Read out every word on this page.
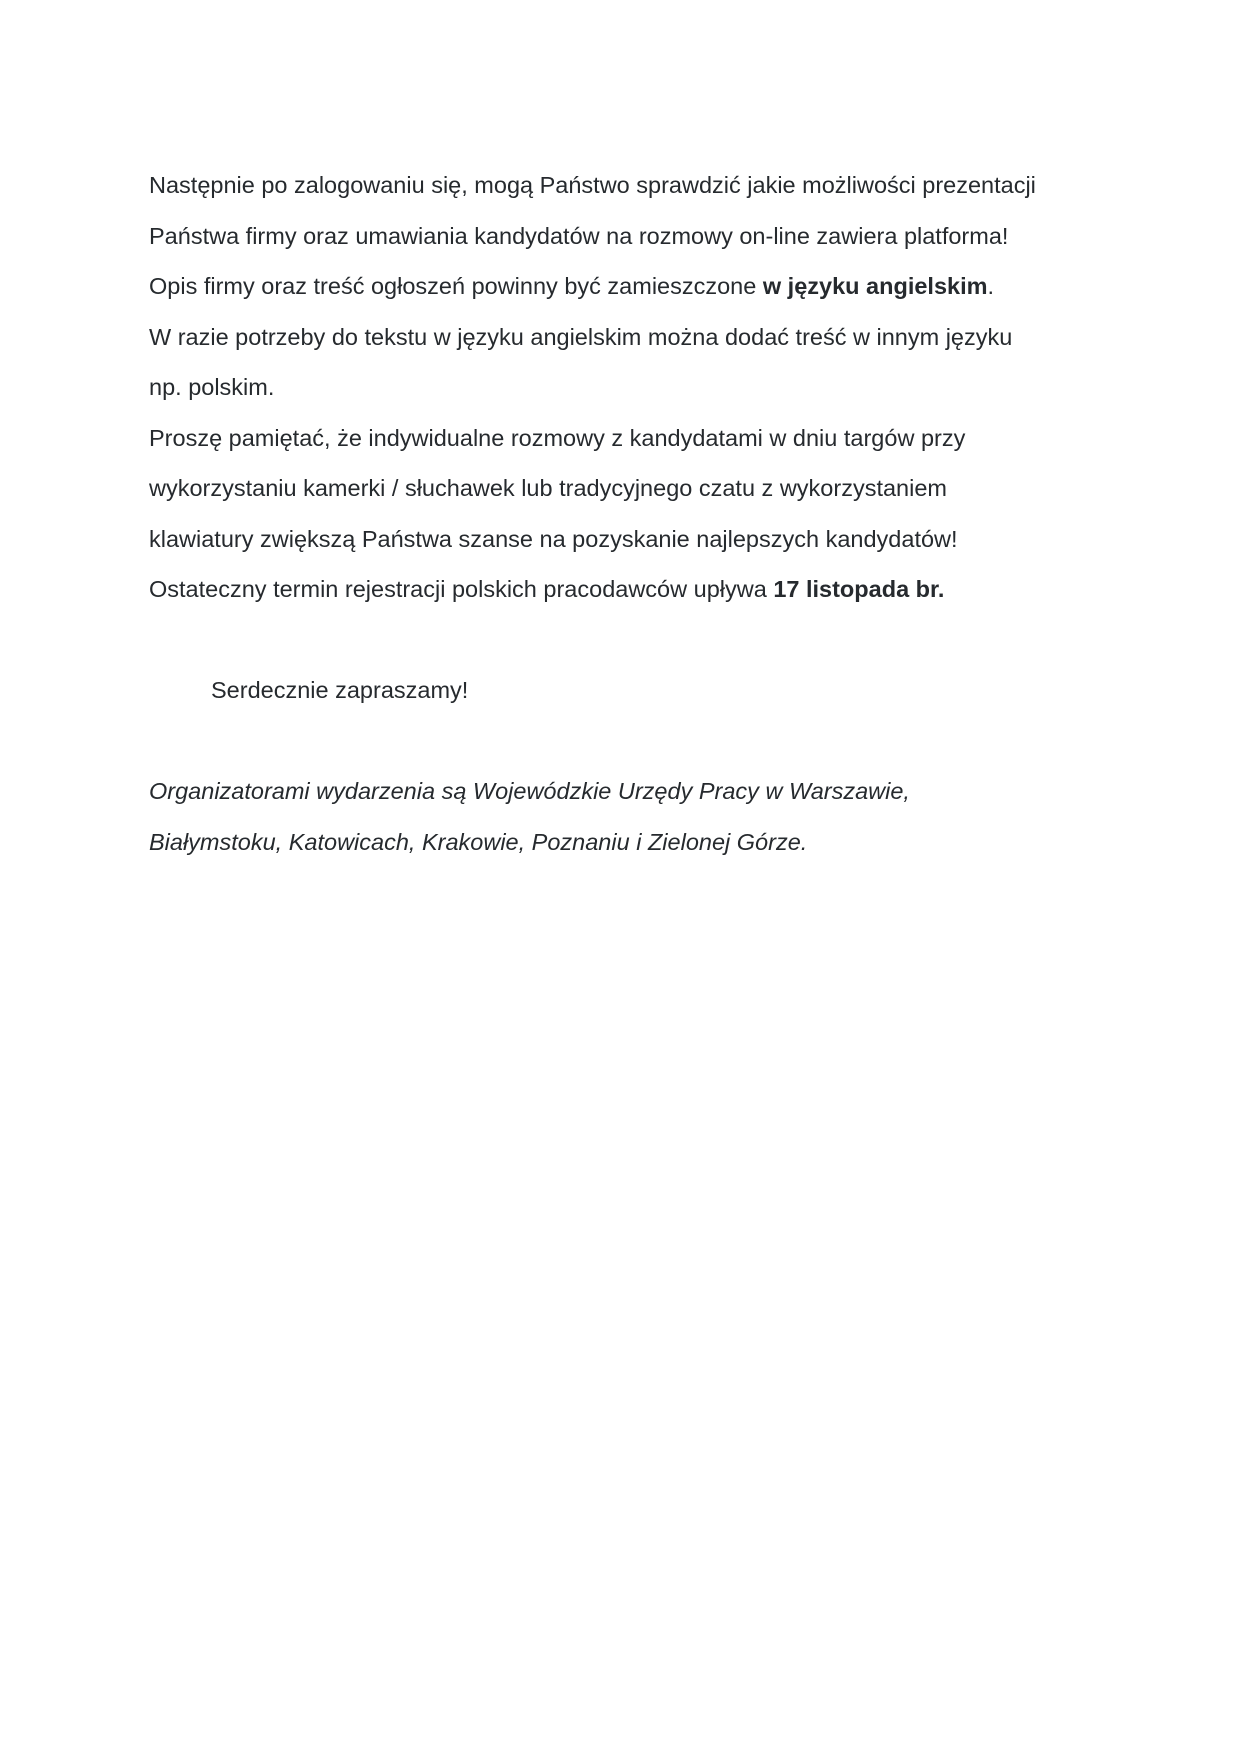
Następnie po zalogowaniu się, mogą Państwo sprawdzić jakie możliwości prezentacji
Państwa firmy oraz umawiania kandydatów na rozmowy on-line zawiera platforma!
Opis firmy oraz treść ogłoszeń powinny być zamieszczone w języku angielskim.
W razie potrzeby do tekstu w języku angielskim można dodać treść w innym języku
np. polskim.
Proszę pamiętać, że indywidualne rozmowy z kandydatami w dniu targów przy
wykorzystaniu kamerki / słuchawek lub tradycyjnego czatu z wykorzystaniem
klawiatury zwiększą Państwa szanse na pozyskanie najlepszych kandydatów!
Ostateczny termin rejestracji polskich pracodawców upływa 17 listopada br.
Serdecznie zapraszamy!
Organizatorami wydarzenia są Wojewódzkie Urzędy Pracy w Warszawie,
Białymstoku, Katowicach, Krakowie, Poznaniu i Zielonej Górze.
